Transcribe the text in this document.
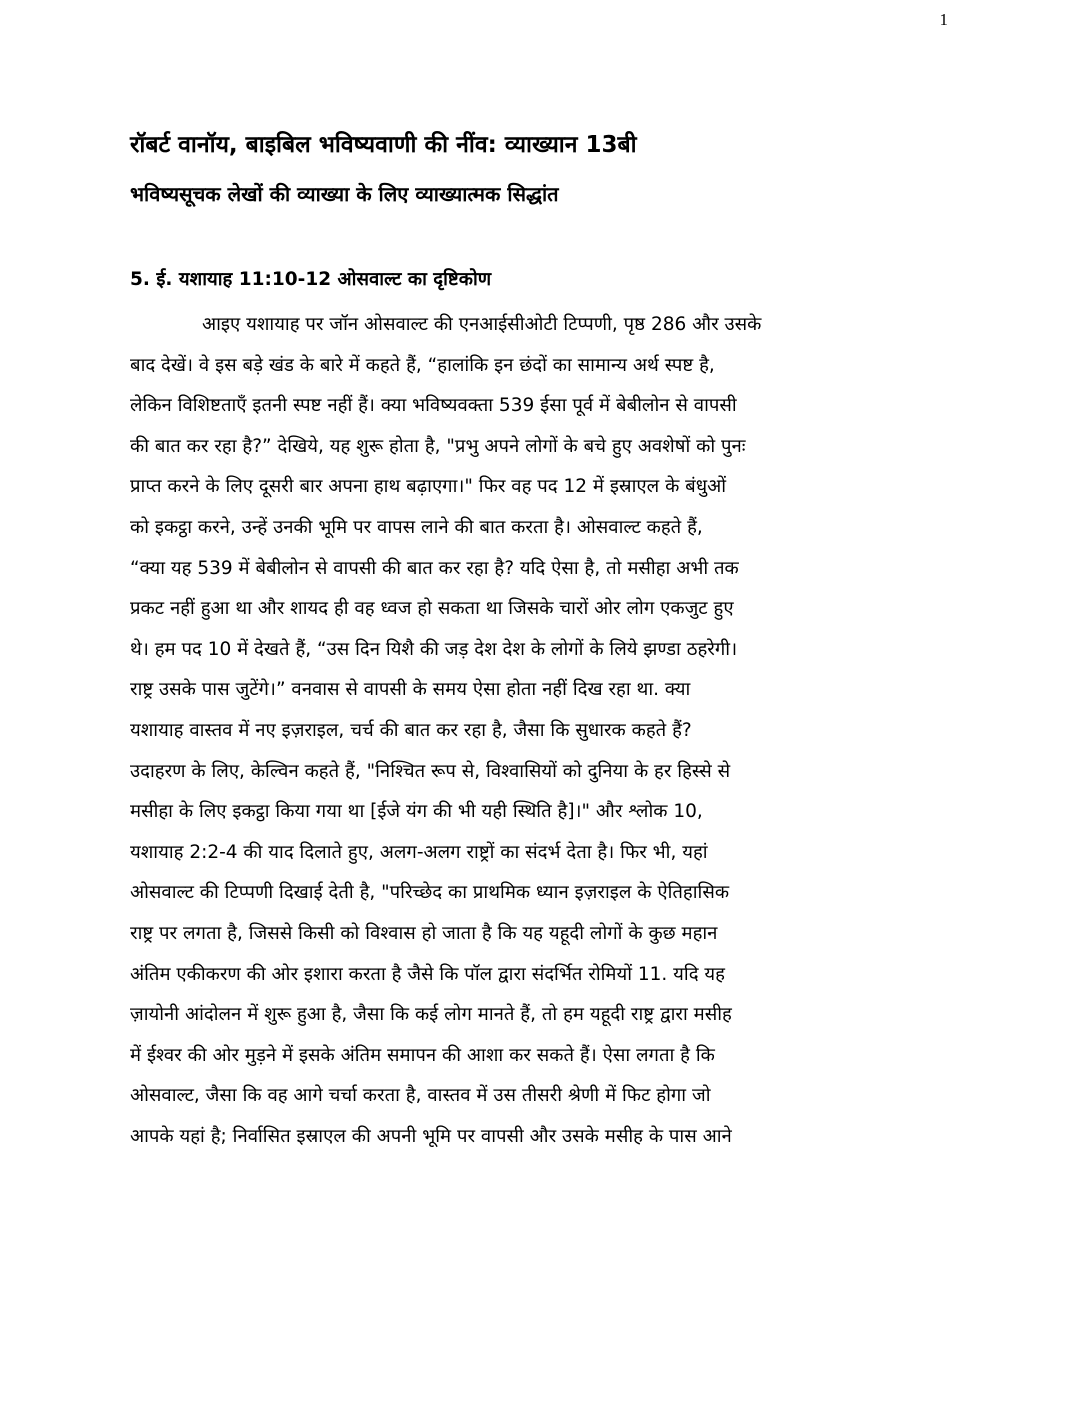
1
रॉबर्ट वानॉय, बाइबिल भविष्यवाणी की नींव: व्याख्यान 13बी
भविष्यसूचक लेखों की व्याख्या के लिए व्याख्यात्मक सिद्धांत
5. ई. यशायाह 11:10-12 ओसवाल्ट का दृष्टिकोण
आइए यशायाह पर जॉन ओसवाल्ट की एनआईसीओटी टिप्पणी, पृष्ठ 286 और उसके
बाद देखें। वे इस बड़े खंड के बारे में कहते हैं, “हालांकि इन छंदों का सामान्य अर्थ स्पष्ट है,
लेकिन विशिष्टताएँ इतनी स्पष्ट नहीं हैं। क्या भविष्यवक्ता 539 ईसा पूर्व में बेबीलोन से वापसी
की बात कर रहा है?” देखिये, यह शुरू होता है, "प्रभु अपने लोगों के बचे हुए अवशेषों को पुनः
प्राप्त करने के लिए दूसरी बार अपना हाथ बढ़ाएगा।" फिर वह पद 12 में इस्राएल के बंधुओं
को इकट्ठा करने, उन्हें उनकी भूमि पर वापस लाने की बात करता है। ओसवाल्ट कहते हैं,
“क्या यह 539 में बेबीलोन से वापसी की बात कर रहा है? यदि ऐसा है, तो मसीहा अभी तक
प्रकट नहीं हुआ था और शायद ही वह ध्वज हो सकता था जिसके चारों ओर लोग एकजुट हुए
थे। हम पद 10 में देखते हैं, “उस दिन यिशै की जड़ देश देश के लोगों के लिये झण्डा ठहरेगी।
राष्ट्र उसके पास जुटेंगे।” वनवास से वापसी के समय ऐसा होता नहीं दिख रहा था. क्या
यशायाह वास्तव में नए इज़राइल, चर्च की बात कर रहा है, जैसा कि सुधारक कहते हैं?
उदाहरण के लिए, केल्विन कहते हैं, "निश्चित रूप से, विश्वासियों को दुनिया के हर हिस्से से
मसीहा के लिए इकट्ठा किया गया था [ईजे यंग की भी यही स्थिति है]।" और श्लोक 10,
यशायाह 2:2-4 की याद दिलाते हुए, अलग-अलग राष्ट्रों का संदर्भ देता है। फिर भी, यहां
ओसवाल्ट की टिप्पणी दिखाई देती है, "परिच्छेद का प्राथमिक ध्यान इज़राइल के ऐतिहासिक
राष्ट्र पर लगता है, जिससे किसी को विश्वास हो जाता है कि यह यहूदी लोगों के कुछ महान
अंतिम एकीकरण की ओर इशारा करता है जैसे कि पॉल द्वारा संदर्भित रोमियों 11. यदि यह
ज़ायोनी आंदोलन में शुरू हुआ है, जैसा कि कई लोग मानते हैं, तो हम यहूदी राष्ट्र द्वारा मसीह
में ईश्वर की ओर मुड़ने में इसके अंतिम समापन की आशा कर सकते हैं। ऐसा लगता है कि
ओसवाल्ट, जैसा कि वह आगे चर्चा करता है, वास्तव में उस तीसरी श्रेणी में फिट होगा जो
आपके यहां है; निर्वासित इस्राएल की अपनी भूमि पर वापसी और उसके मसीह के पास आने
